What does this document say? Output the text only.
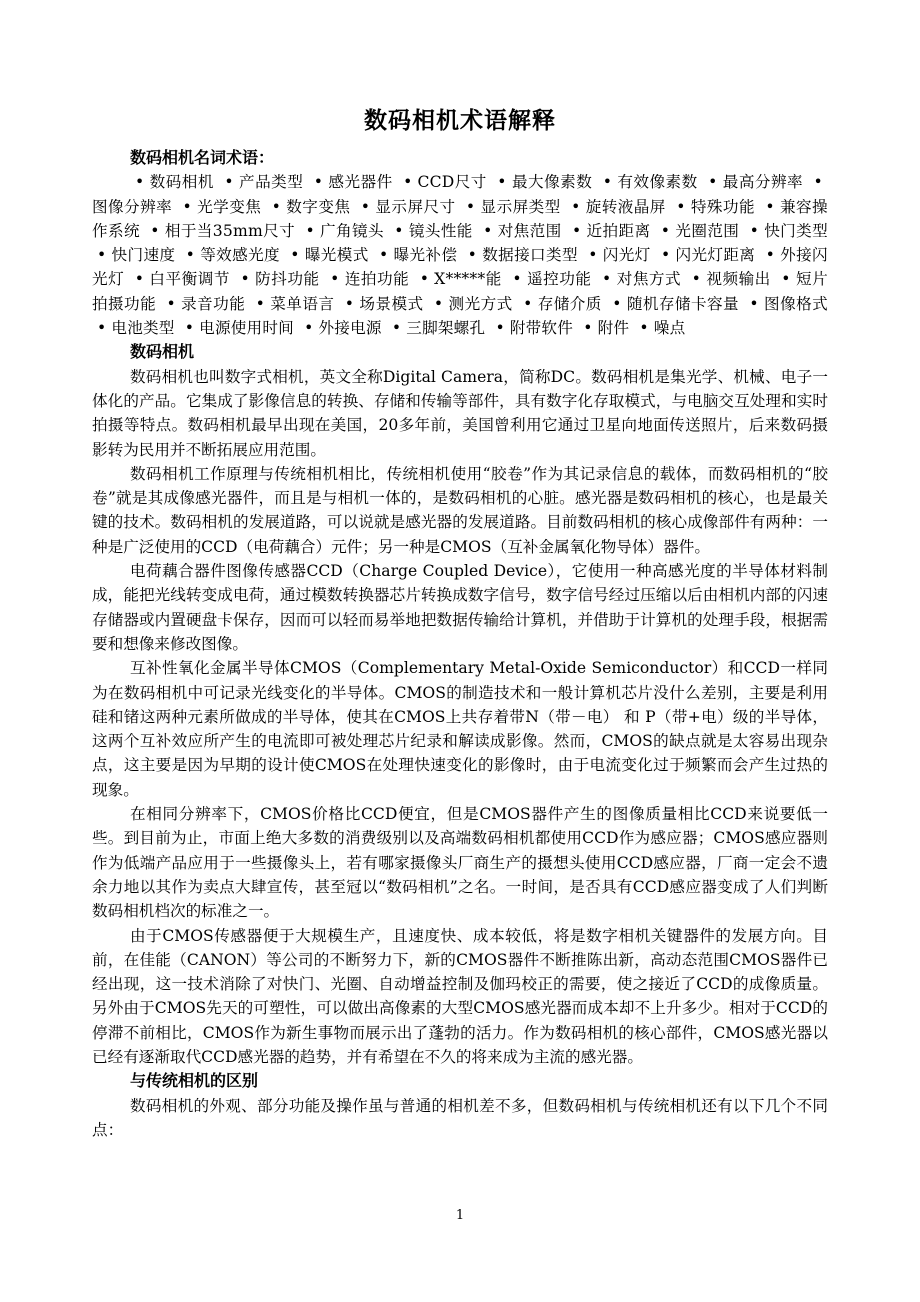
数码相机术语解释
数码相机名词术语：
• 数码相机 • 产品类型 • 感光器件 • CCD尺寸 • 最大像素数 • 有效像素数 • 最高分辨率 •图像分辨率 • 光学变焦 • 数字变焦 • 显示屏尺寸 • 显示屏类型 • 旋转液晶屏 • 特殊功能 • 兼容操作系统 • 相于当35mm尺寸 • 广角镜头 • 镜头性能 • 对焦范围 • 近拍距离 • 光圈范围 • 快门类型 • 快门速度 • 等效感光度 • 曝光模式 • 曝光补偿 • 数据接口类型 • 闪光灯 • 闪光灯距离 • 外接闪光灯 • 白平衡调节 • 防抖功能 • 连拍功能 • X*****能 • 遥控功能 • 对焦方式 • 视频输出 • 短片拍摄功能 • 录音功能 • 菜单语言 • 场景模式 • 测光方式 • 存储介质 • 随机存储卡容量 • 图像格式 • 电池类型 • 电源使用时间 • 外接电源 • 三脚架螺孔 • 附带软件 • 附件 • 噪点
数码相机

数码相机也叫数字式相机，英文全称Digital Camera，简称DC。数码相机是集光学、机械、电子一体化的产品。它集成了影像信息的转换、存储和传输等部件，具有数字化存取模式，与电脑交互处理和实时拍摄等特点。数码相机最早出现在美国，20多年前，美国曾利用它通过卫星向地面传送照片，后来数码摄影转为民用并不断拓展应用范围。

数码相机工作原理与传统相机相比，传统相机使用“胶卷”作为其记录信息的载体，而数码相机的“胶卷”就是其成像感光器件，而且是与相机一体的，是数码相机的心脏。感光器是数码相机的核心，也是最关键的技术。数码相机的发展道路，可以说就是感光器的发展道路。目前数码相机的核心成像部件有两种：一种是广泛使用的CCD（电荷藕合）元件；另一种是CMOS（互补金属氧化物导体）器件。

电荷藕合器件图像传感器CCD（Charge Coupled Device），它使用一种高感光度的半导体材料制成，能把光线转变成电荷，通过模数转换器芯片转换成数字信号，数字信号经过压缩以后由相机内部的闪速存储器或内置硬盘卡保存，因而可以轻而易举地把数据传输给计算机，并借助于计算机的处理手段，根据需要和想像来修改图像。

互补性氧化金属半导体CMOS（Complementary Metal-Oxide Semiconductor）和CCD一样同为在数码相机中可记录光线变化的半导体。CMOS的制造技术和一般计算机芯片没什么差别，主要是利用硅和锗这两种元素所做成的半导体，使其在CMOS上共存着带N（带－电） 和 P（带+电）级的半导体，这两个互补效应所产生的电流即可被处理芯片纪录和解读成影像。然而，CMOS的缺点就是太容易出现杂点，这主要是因为早期的设计使CMOS在处理快速变化的影像时，由于电流变化过于频繁而会产生过热的现象。

在相同分辨率下，CMOS价格比CCD便宜，但是CMOS器件产生的图像质量相比CCD来说要低一些。到目前为止，市面上绝大多数的消费级别以及高端数码相机都使用CCD作为感应器；CMOS感应器则作为低端产品应用于一些摄像头上，若有哪家摄像头厂商生产的摄想头使用CCD感应器，厂商一定会不遗余力地以其作为卖点大肆宣传，甚至冠以“数码相机”之名。一时间，是否具有CCD感应器变成了人们判断数码相机档次的标准之一。

由于CMOS传感器便于大规模生产，且速度快、成本较低，将是数字相机关键器件的发展方向。目前，在佳能（CANON）等公司的不断努力下，新的CMOS器件不断推陈出新，高动态范围CMOS器件已经出现，这一技术消除了对快门、光圈、自动增益控制及伽玛校正的需要，使之接近了CCD的成像质量。另外由于CMOS先天的可塑性，可以做出高像素的大型CMOS感光器而成本却不上升多少。相对于CCD的停滞不前相比，CMOS作为新生事物而展示出了蓬勃的活力。作为数码相机的核心部件，CMOS感光器以已经有逐渐取代CCD感光器的趋势，并有希望在不久的将来成为主流的感光器。

与传统相机的区别

数码相机的外观、部分功能及操作虽与普通的相机差不多，但数码相机与传统相机还有以下几个不同点：

1
